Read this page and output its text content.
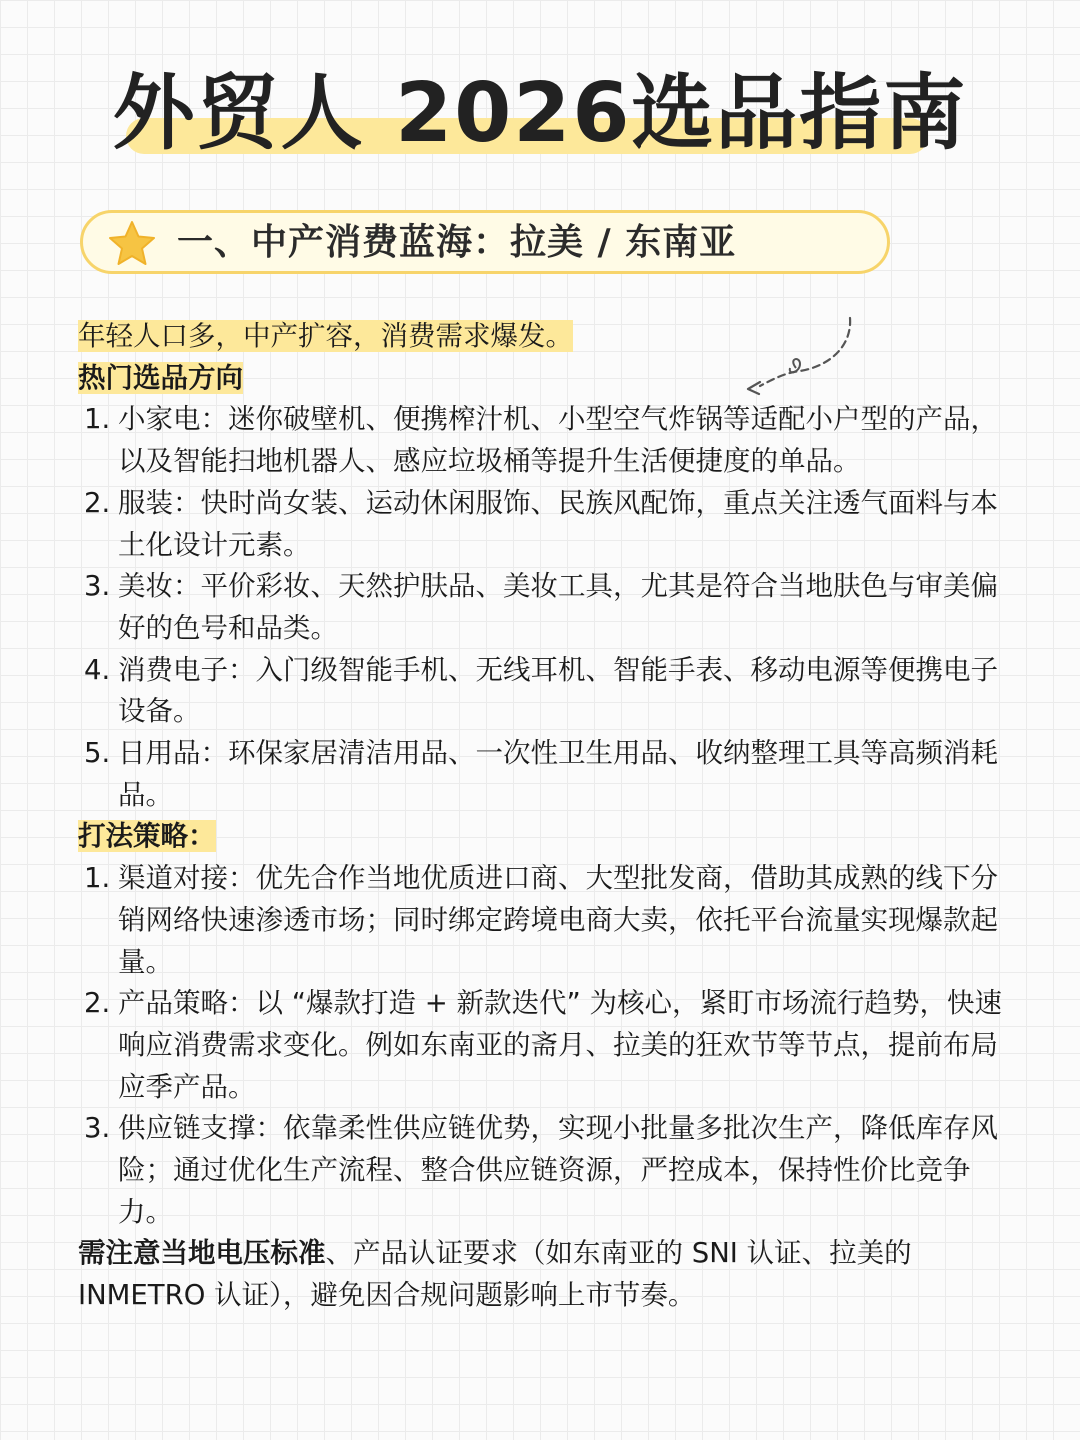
外贸人 2026选品指南
一、中产消费蓝海：拉美 / 东南亚
年轻人口多，中产扩容，消费需求爆发。
热门选品方向
1. 小家电：迷你破壁机、便携榨汁机、小型空气炸锅等适配小户型的产品，以及智能扫地机器人、感应垃圾桶等提升生活便捷度的单品。
2. 服装：快时尚女装、运动休闲服饰、民族风配饰，重点关注透气面料与本土化设计元素。
3. 美妆：平价彩妆、天然护肤品、美妆工具，尤其是符合当地肤色与审美偏好的色号和品类。
4. 消费电子：入门级智能手机、无线耳机、智能手表、移动电源等便携电子设备。
5. 日用品：环保家居清洁用品、一次性卫生用品、收纳整理工具等高频消耗品。
打法策略：
1. 渠道对接：优先合作当地优质进口商、大型批发商，借助其成熟的线下分销网络快速渗透市场；同时绑定跨境电商大卖，依托平台流量实现爆款起量。
2. 产品策略：以 “爆款打造 + 新款迭代” 为核心，紧盯市场流行趋势，快速响应消费需求变化。例如东南亚的斋月、拉美的狂欢节等节点，提前布局应季产品。
3. 供应链支撑：依靠柔性供应链优势，实现小批量多批次生产，降低库存风险；通过优化生产流程、整合供应链资源，严控成本，保持性价比竞争力。
需注意当地电压标准、产品认证要求（如东南亚的 SNI 认证、拉美的 INMETRO 认证），避免因合规问题影响上市节奏。
